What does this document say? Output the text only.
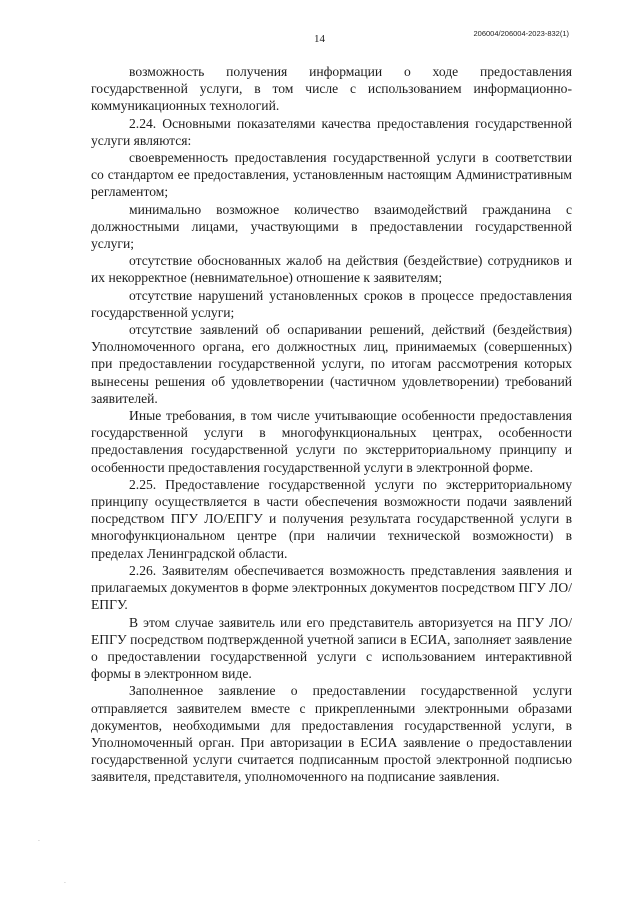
206004/206004-2023-832(1)
14

возможность получения информации о ходе предоставления государственной услуги, в том числе с использованием информационно-коммуникационных технологий.

2.24. Основными показателями качества предоставления государственной услуги являются:

своевременность предоставления государственной услуги в соответствии со стандартом ее предоставления, установленным настоящим Административным регламентом;

минимально возможное количество взаимодействий гражданина с должностными лицами, участвующими в предоставлении государственной услуги;

отсутствие обоснованных жалоб на действия (бездействие) сотрудников и их некорректное (невнимательное) отношение к заявителям;

отсутствие нарушений установленных сроков в процессе предоставления государственной услуги;

отсутствие заявлений об оспаривании решений, действий (бездействия) Уполномоченного органа, его должностных лиц, принимаемых (совершенных) при предоставлении государственной услуги, по итогам рассмотрения которых вынесены решения об удовлетворении (частичном удовлетворении) требований заявителей.

Иные требования, в том числе учитывающие особенности предоставления государственной услуги в многофункциональных центрах, особенности предоставления государственной услуги по экстерриториальному принципу и особенности предоставления государственной услуги в электронной форме.

2.25. Предоставление государственной услуги по экстерриториальному принципу осуществляется в части обеспечения возможности подачи заявлений посредством ПГУ ЛО/ЕПГУ и получения результата государственной услуги в многофункциональном центре (при наличии технической возможности) в пределах Ленинградской области.

2.26. Заявителям обеспечивается возможность представления заявления и прилагаемых документов в форме электронных документов посредством ПГУ ЛО/ЕПГУ.

В этом случае заявитель или его представитель авторизуется на ПГУ ЛО/ЕПГУ посредством подтвержденной учетной записи в ЕСИА, заполняет заявление о предоставлении государственной услуги с использованием интерактивной формы в электронном виде.

Заполненное заявление о предоставлении государственной услуги отправляется заявителем вместе с прикрепленными электронными образами документов, необходимыми для предоставления государственной услуги, в Уполномоченный орган. При авторизации в ЕСИА заявление о предоставлении государственной услуги считается подписанным простой электронной подписью заявителя, представителя, уполномоченного на подписание заявления.

·
·
